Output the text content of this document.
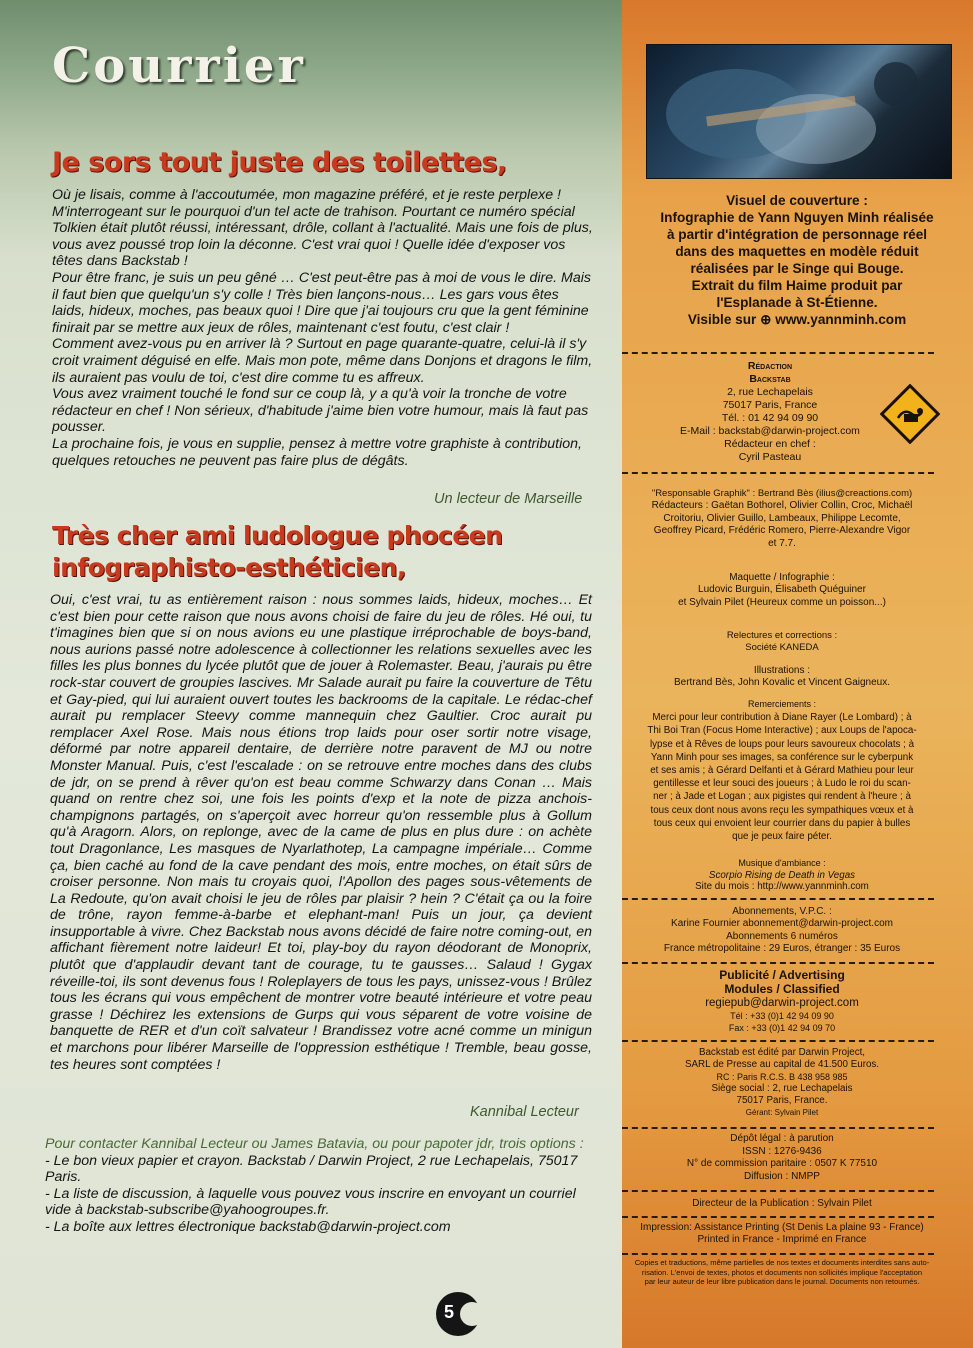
Courrier
Je sors tout juste des toilettes,

Où je lisais, comme à l'accoutumée, mon magazine préféré, et je reste perplexe ! M'interrogeant sur le pourquoi d'un tel acte de trahison. Pourtant ce numéro spécial Tolkien était plutôt réussi, intéressant, drôle, collant à l'actualité. Mais une fois de plus, vous avez poussé trop loin la déconne. C'est vrai quoi ! Quelle idée d'exposer vos têtes dans Backstab !

Pour être franc, je suis un peu gêné … C'est peut-être pas à moi de vous le dire. Mais il faut bien que quelqu'un s'y colle ! Très bien lançons-nous… Les gars vous êtes laids, hideux, moches, pas beaux quoi ! Dire que j'ai toujours cru que la gent féminine finirait par se mettre aux jeux de rôles, maintenant c'est foutu, c'est clair !

Comment avez-vous pu en arriver là ? Surtout en page quarante-quatre, celui-là il s'y croit vraiment déguisé en elfe. Mais mon pote, même dans Donjons et dragons le film, ils auraient pas voulu de toi, c'est dire comme tu es affreux.

Vous avez vraiment touché le fond sur ce coup là, y a qu'à voir la tronche de votre rédacteur en chef ! Non sérieux, d'habitude j'aime bien votre humour, mais là faut pas pousser.

La prochaine fois, je vous en supplie, pensez à mettre votre graphiste à contribution, quelques retouches ne peuvent pas faire plus de dégâts.

Un lecteur de Marseille
Très cher ami ludologue phocéen
infographisto-esthéticien,
Oui, c'est vrai, tu as entièrement raison : nous sommes laids, hideux, moches… Et c'est bien pour cette raison que nous avons choisi de faire du jeu de rôles. Hé oui, tu t'imagines bien que si on nous avions eu une plastique irréprochable de boys-band, nous aurions passé notre adolescence à collectionner les relations sexuelles avec les filles les plus bonnes du lycée plutôt que de jouer à Rolemaster. Beau, j'aurais pu être rock-star couvert de groupies lascives. Mr Salade aurait pu faire la couverture de Têtu et Gay-pied, qui lui auraient ouvert toutes les backrooms de la capitale. Le rédac-chef aurait pu remplacer Steevy comme mannequin chez Gaultier. Croc aurait pu remplacer Axel Rose. Mais nous étions trop laids pour oser sortir notre visage, déformé par notre appareil dentaire, de derrière notre paravent de MJ ou notre Monster Manual. Puis, c'est l'escalade : on se retrouve entre moches dans des clubs de jdr, on se prend à rêver qu'on est beau comme Schwarzy dans Conan … Mais quand on rentre chez soi, une fois les points d'exp et la note de pizza anchois-champignons partagés, on s'aperçoit avec horreur qu'on ressemble plus à Gollum qu'à Aragorn. Alors, on replonge, avec de la came de plus en plus dure : on achète tout Dragonlance, Les masques de Nyarlathotep, La campagne impériale… Comme ça, bien caché au fond de la cave pendant des mois, entre moches, on était sûrs de croiser personne. Non mais tu croyais quoi, l'Apollon des pages sous-vêtements de La Redoute, qu'on avait choisi le jeu de rôles par plaisir ? hein ? C'était ça ou la foire de trône, rayon femme-à-barbe et elephant-man! Puis un jour, ça devient insupportable à vivre. Chez Backstab nous avons décidé de faire notre coming-out, en affichant fièrement notre laideur! Et toi, play-boy du rayon déodorant de Monoprix, plutôt que d'applaudir devant tant de courage, tu te gausses… Salaud ! Gygax réveille-toi, ils sont devenus fous ! Roleplayers de tous les pays, unissez-vous ! Brûlez tous les écrans qui vous empêchent de montrer votre beauté intérieure et votre peau grasse ! Déchirez les extensions de Gurps qui vous séparent de votre voisine de banquette de RER et d'un coït salvateur ! Brandissez votre acné comme un minigun et marchons pour libérer Marseille de l'oppression esthétique ! Tremble, beau gosse, tes heures sont comptées !
Kannibal Lecteur
Pour contacter Kannibal Lecteur ou James Batavia, ou pour papoter jdr, trois options :
- Le bon vieux papier et crayon. Backstab / Darwin Project, 2 rue Lechapelais, 75017 Paris.
- La liste de discussion, à laquelle vous pouvez vous inscrire en envoyant un courriel vide à backstab-subscribe@yahoogroupes.fr.
- La boîte aux lettres électronique backstab@darwin-project.com
5
Visuel de couverture :
Infographie de Yann Nguyen Minh réalisée
à partir d'intégration de personnage réel
dans des maquettes en modèle réduit
réalisées par le Singe qui Bouge.
Extrait du film Haime produit par
l'Esplanade à St-Étienne.
Visible sur ⊕ www.yannminh.com
Rédaction
Backstab
2, rue Lechapelais
75017 Paris, France
Tél. : 01 42 94 09 90
E-Mail : backstab@darwin-project.com
Rédacteur en chef :
Cyril Pasteau
"Responsable Graphik" : Bertrand Bès (ilius@creactions.com)
Rédacteurs : Gaëtan Bothorel, Olivier Collin, Croc, Michaël
Croitoriu, Olivier Guillo, Lambeaux, Philippe Lecomte,
Geoffrey Picard, Frédéric Romero, Pierre-Alexandre Vigor
et 7.7.
Maquette / Infographie :
Ludovic Burguin, Élisabeth Quéguiner
et Sylvain Pilet (Heureux comme un poisson...)
Relectures et corrections :
Société KANEDA
Illustrations :
Bertrand Bès, John Kovalic et Vincent Gaigneux.
Remerciements :
Merci pour leur contribution à Diane Rayer (Le Lombard) ; à
Thi Boi Tran (Focus Home Interactive) ; aux Loups de l'apoca-
lypse et à Rêves de loups pour leurs savoureux chocolats ; à
Yann Minh pour ses images, sa conférence sur le cyberpunk
et ses amis ; à Gérard Delfanti et à Gérard Mathieu pour leur
gentillesse et leur souci des joueurs ; à Ludo le roi du scan-
ner ; à Jade et Logan ; aux pigistes qui rendent à l'heure ; à
tous ceux dont nous avons reçu les sympathiques vœux et à
tous ceux qui envoient leur courrier dans du papier à bulles
que je peux faire péter.
Musique d'ambiance :
Scorpio Rising de Death in Vegas
Site du mois : http://www.yannminh.com
Abonnements, V.P.C. :
Karine Fournier abonnement@darwin-project.com
Abonnements 6 numéros
France métropolitaine : 29 Euros, étranger : 35 Euros
Publicité / Advertising
Modules / Classified
regiepub@darwin-project.com
Tél : +33 (0)1 42 94 09 90
Fax : +33 (0)1 42 94 09 70
Backstab est édité par Darwin Project,
SARL de Presse au capital de 41.500 Euros.
RC : Paris R.C.S. B 438 958 985
Siège social : 2, rue Lechapelais
75017 Paris, France.
Gérant: Sylvain Pilet
Dépôt légal : à parution
ISSN : 1276-9436
N° de commission paritaire : 0507 K 77510
Diffusion : NMPP
Directeur de la Publication : Sylvain Pilet
Impression: Assistance Printing (St Denis La plaine 93 - France)
Printed in France - Imprimé en France
Copies et traductions, même partielles de nos textes et documents interdites sans auto-
risation. L'envoi de textes, photos et documents non sollicités implique l'acceptation
par leur auteur de leur libre publication dans le journal. Documents non retournés.
